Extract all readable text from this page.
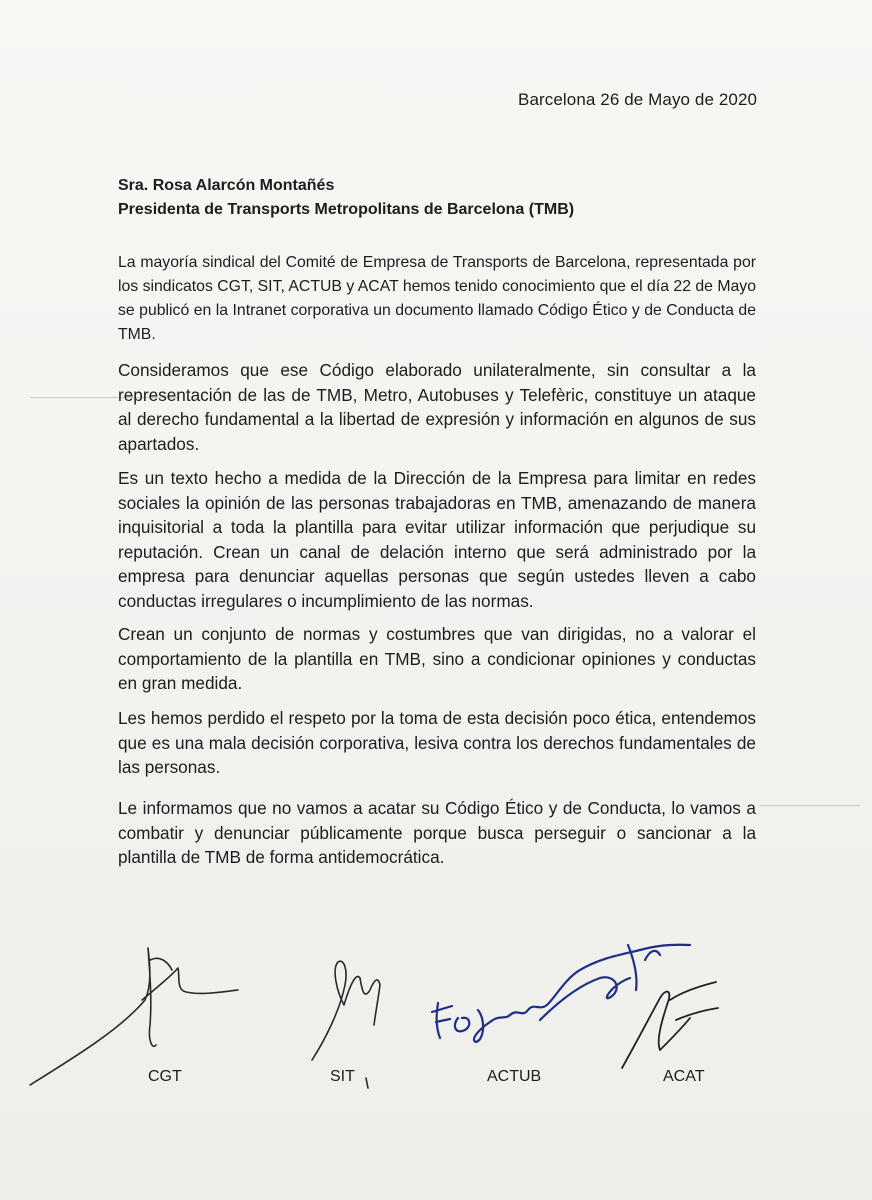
Barcelona 26 de Mayo de 2020
Sra. Rosa Alarcón Montañés
Presidenta de Transports Metropolitans de Barcelona (TMB)
La mayoría sindical del Comité de Empresa de Transports de Barcelona, representada por los sindicatos CGT, SIT, ACTUB y ACAT hemos tenido conocimiento que el día 22 de Mayo se publicó en la Intranet corporativa un documento llamado Código Ético y de Conducta de TMB.
Consideramos que ese Código elaborado unilateralmente, sin consultar a la representación de las de TMB, Metro, Autobuses y Telefèric, constituye un ataque al derecho fundamental a la libertad de expresión y información en algunos de sus apartados.
Es un texto hecho a medida de la Dirección de la Empresa para limitar en redes sociales la opinión de las personas trabajadoras en TMB, amenazando de manera inquisitorial a toda la plantilla para evitar utilizar información que perjudique su reputación. Crean un canal de delación interno que será administrado por la empresa para denunciar aquellas personas que según ustedes lleven a cabo conductas irregulares o incumplimiento de las normas.
Crean un conjunto de normas y costumbres que van dirigidas, no a valorar el comportamiento de la plantilla en TMB, sino a condicionar opiniones y conductas en gran medida.
Les hemos perdido el respeto por la toma de esta decisión poco ética, entendemos que es una mala decisión corporativa, lesiva contra los derechos fundamentales de las personas.
Le informamos que no vamos a acatar su Código Ético y de Conducta, lo vamos a combatir y denunciar públicamente porque busca perseguir o sancionar a la plantilla de TMB de forma antidemocrática.
CGT	SIT	ACTUB	ACAT
